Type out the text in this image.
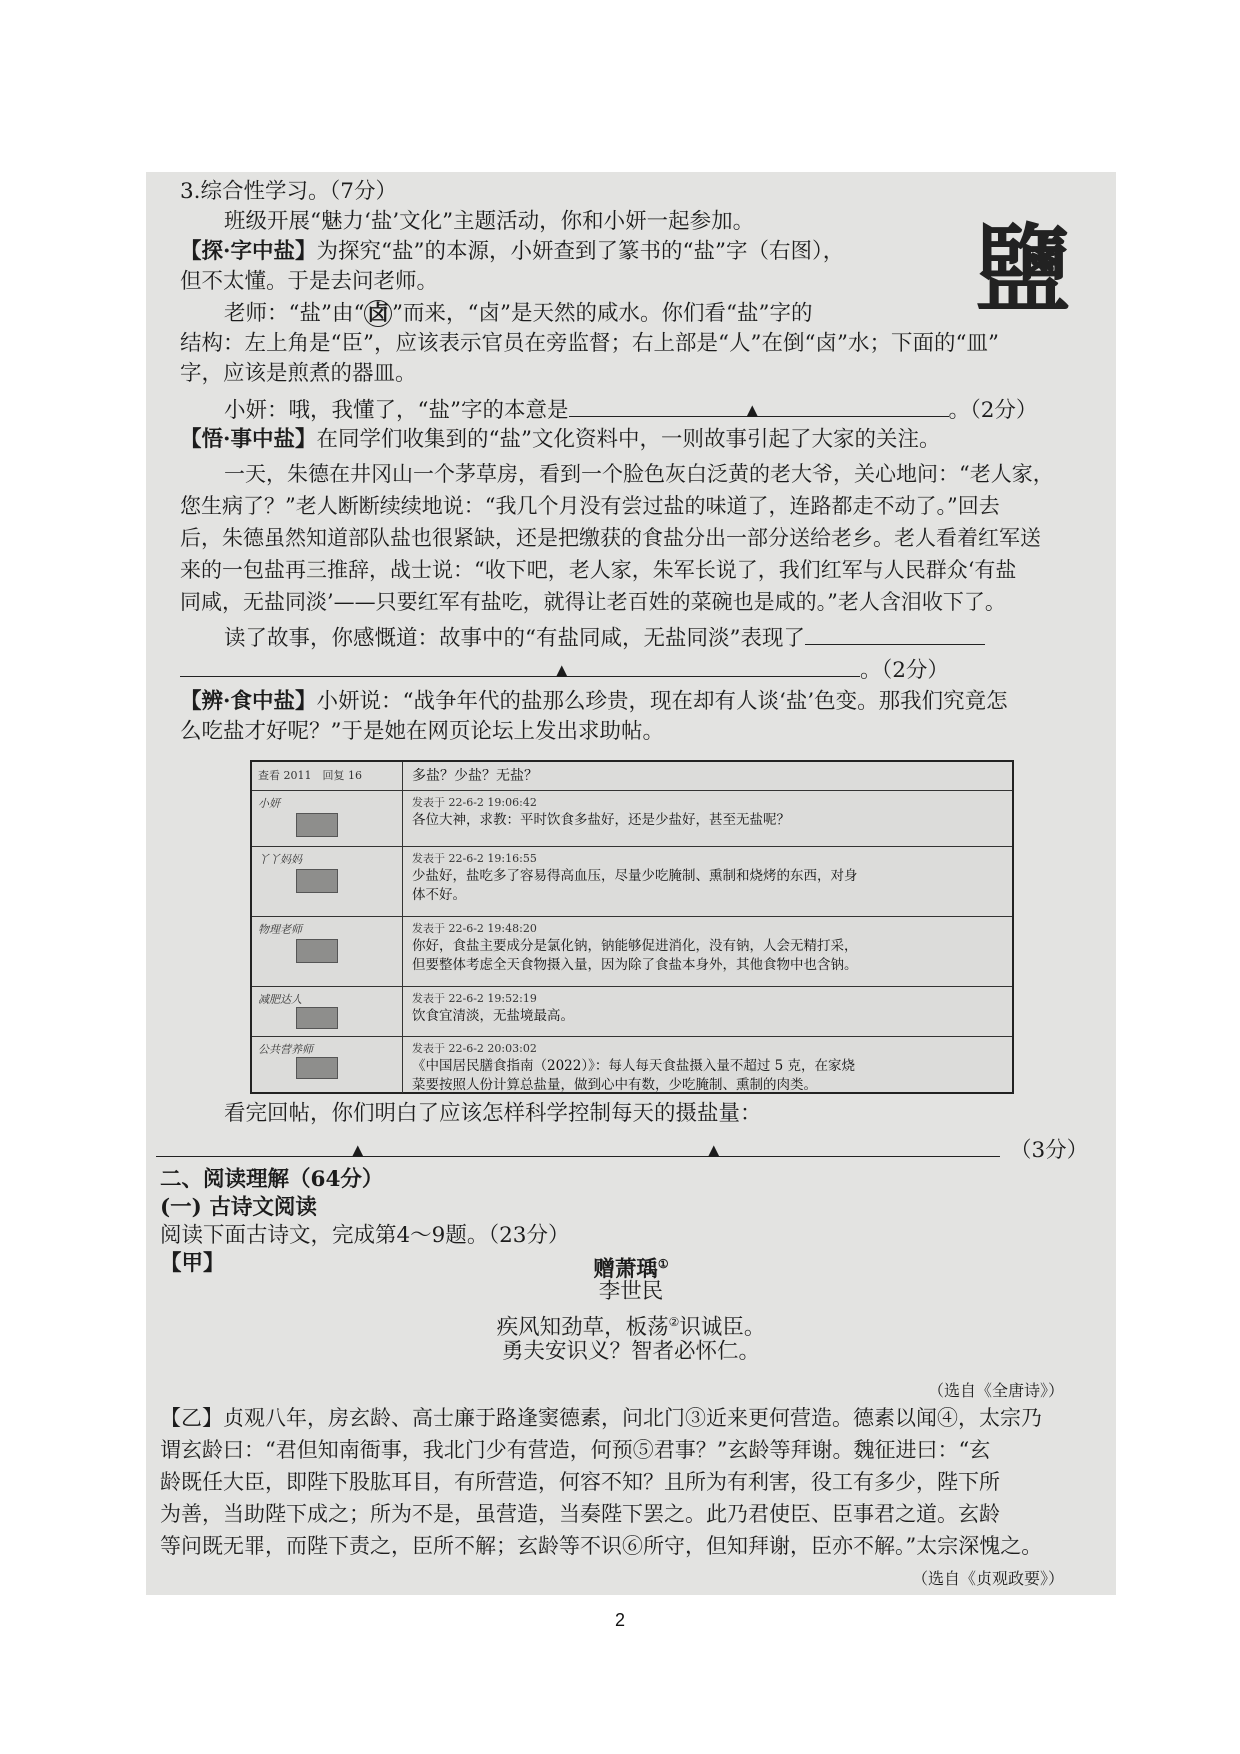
3.综合性学习。（7分）
班级开展“魅力‘盐’文化”主题活动，你和小妍一起参加。
【探·字中盐】为探究“盐”的本源，小妍查到了篆书的“盐”字（右图），
但不太懂。于是去问老师。	鹽
老师：“盐”由“ 卤 ”而来，“卤”是天然的咸水。你们看“盐”字的
结构：左上角是“臣”，应该表示官员在旁监督；右上部是“人”在倒“卤”水；下面的“皿”
字，应该是煎煮的器皿。
小妍：哦，我懂了，“盐”字的本意是	▲	。（2分）
【悟·事中盐】在同学们收集到的“盐”文化资料中，一则故事引起了大家的关注。
一天，朱德在井冈山一个茅草房，看到一个脸色灰白泛黄的老大爷，关心地问：“老人家，
您生病了？”老人断断续续地说：“我几个月没有尝过盐的味道了，连路都走不动了。”回去
后，朱德虽然知道部队盐也很紧缺，还是把缴获的食盐分出一部分送给老乡。老人看着红军送
来的一包盐再三推辞，战士说：“收下吧，老人家，朱军长说了，我们红军与人民群众‘有盐
同咸，无盐同淡’——只要红军有盐吃，就得让老百姓的菜碗也是咸的。”老人含泪收下了。
读了故事，你感慨道：故事中的“有盐同咸，无盐同淡”表现了
▲	。（2分）
【辨·食中盐】小妍说：“战争年代的盐那么珍贵，现在却有人谈‘盐’色变。那我们究竟怎
么吃盐才好呢？”于是她在网页论坛上发出求助帖。
查看 2011　回复 16	多盐？少盐？无盐？
小妍	发表于 22-6-2 19:06:42
各位大神，求教：平时饮食多盐好，还是少盐好，甚至无盐呢？
丫丫妈妈	发表于 22-6-2 19:16:55
少盐好，盐吃多了容易得高血压，尽量少吃腌制、熏制和烧烤的东西，对身
体不好。
物理老师	发表于 22-6-2 19:48:20
你好，食盐主要成分是氯化钠，钠能够促进消化，没有钠，人会无精打采，
但要整体考虑全天食物摄入量，因为除了食盐本身外，其他食物中也含钠。
减肥达人	发表于 22-6-2 19:52:19
饮食宜清淡，无盐境最高。
公共营养师	发表于 22-6-2 20:03:02
《中国居民膳食指南（2022）》：每人每天食盐摄入量不超过 5 克，在家烧
菜要按照人份计算总盐量，做到心中有数，少吃腌制、熏制的肉类。
看完回帖，你们明白了应该怎样科学控制每天的摄盐量：
▲	▲	（3分）
二、阅读理解（64分）
(一) 古诗文阅读
阅读下面古诗文，完成第4～9题。（23分）
【甲】	赠萧瑀①
李世民
疾风知劲草，板荡②识诚臣。
勇夫安识义？智者必怀仁。
（选自《全唐诗》）
【乙】贞观八年，房玄龄、高士廉于路逢窦德素，问北门③近来更何营造。德素以闻④，太宗乃
谓玄龄曰：“君但知南衙事，我北门少有营造，何预⑤君事？”玄龄等拜谢。魏征进曰：“玄
龄既任大臣，即陛下股肱耳目，有所营造，何容不知？且所为有利害，役工有多少，陛下所
为善，当助陛下成之；所为不是，虽营造，当奏陛下罢之。此乃君使臣、臣事君之道。玄龄
等问既无罪，而陛下责之，臣所不解；玄龄等不识⑥所守，但知拜谢，臣亦不解。”太宗深愧之。
（选自《贞观政要》）
2
